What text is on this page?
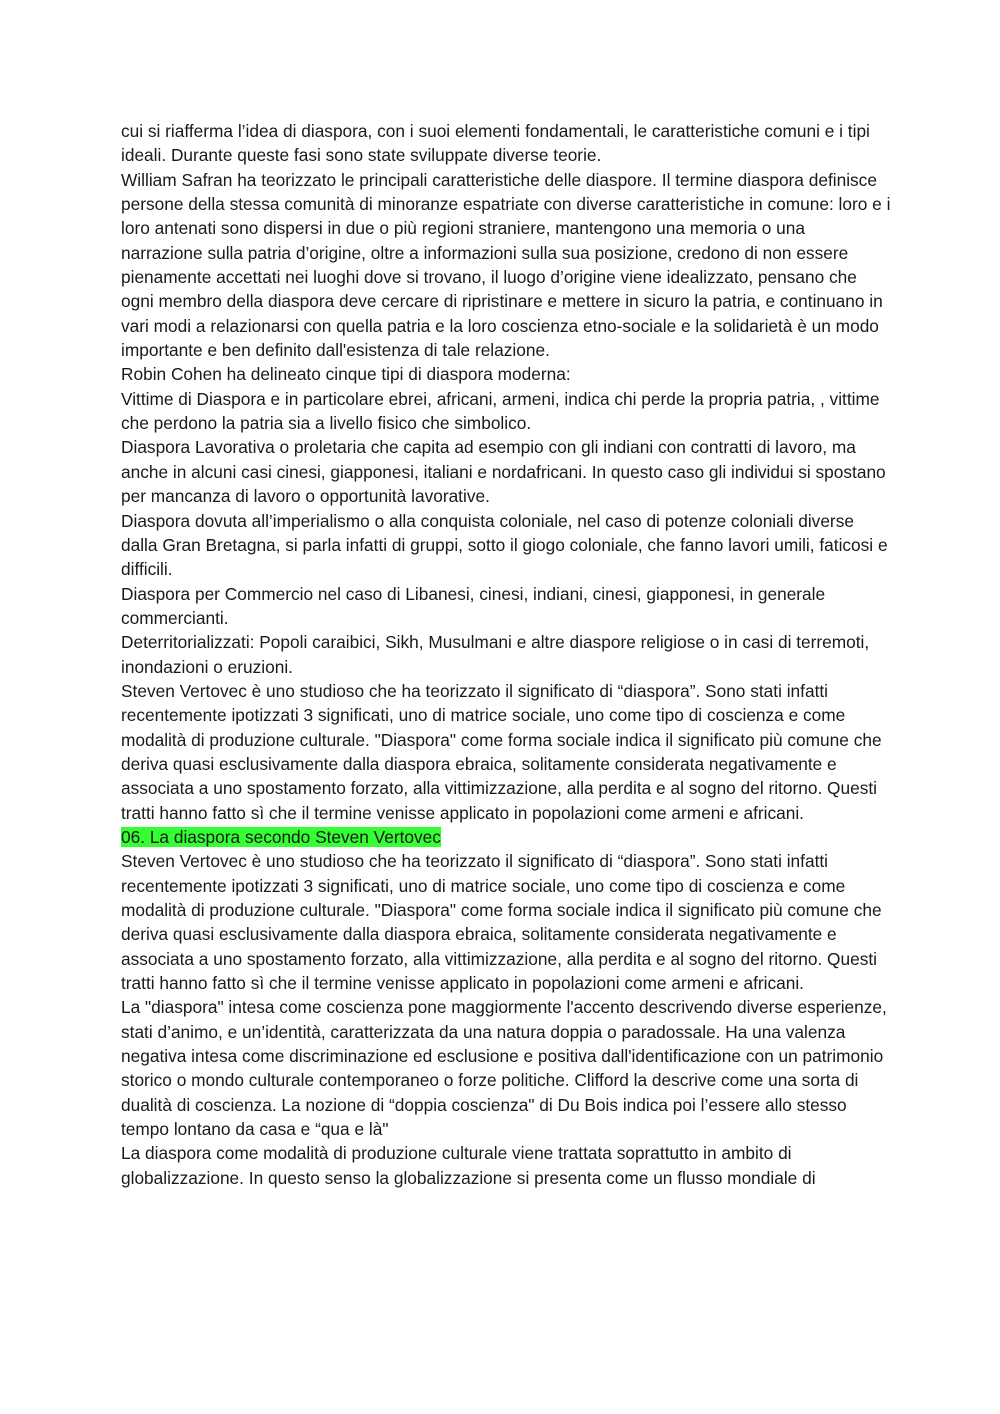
cui si riafferma l’idea di diaspora, con i suoi elementi fondamentali, le caratteristiche comuni e i tipi ideali. Durante queste fasi sono state sviluppate diverse teorie.

William Safran ha teorizzato le principali caratteristiche delle diaspore. Il termine diaspora definisce persone della stessa comunità di minoranze espatriate con diverse caratteristiche in comune: loro e i loro antenati sono dispersi in due o più regioni straniere, mantengono una memoria o una narrazione sulla patria d’origine, oltre a informazioni sulla sua posizione, credono di non essere pienamente accettati nei luoghi dove si trovano, il luogo d’origine viene idealizzato, pensano che ogni membro della diaspora deve cercare di ripristinare e mettere in sicuro la patria, e continuano in vari modi a relazionarsi con quella patria e la loro coscienza etno-sociale e la solidarietà è un modo importante e ben definito dall'esistenza di tale relazione.

Robin Cohen ha delineato cinque tipi di diaspora moderna:

Vittime di Diaspora e in particolare ebrei, africani, armeni, indica chi perde la propria patria, , vittime che perdono la patria sia a livello fisico che simbolico.

Diaspora Lavorativa o proletaria che capita ad esempio con gli indiani con contratti di lavoro, ma anche in alcuni casi cinesi, giapponesi, italiani e nordafricani. In questo caso gli individui si spostano per mancanza di lavoro o opportunità lavorative.

Diaspora dovuta all’imperialismo o alla conquista coloniale, nel caso di potenze coloniali diverse dalla Gran Bretagna, si parla infatti di gruppi, sotto il giogo coloniale, che fanno lavori umili, faticosi e difficili.

Diaspora per Commercio nel caso di Libanesi, cinesi, indiani, cinesi, giapponesi, in generale commercianti.

Deterritorializzati: Popoli caraibici, Sikh, Musulmani e altre diaspore religiose o in casi di terremoti, inondazioni o eruzioni.

Steven Vertovec è uno studioso che ha teorizzato il significato di “diaspora”. Sono stati infatti recentemente ipotizzati 3 significati, uno di matrice sociale, uno come tipo di coscienza e come modalità di produzione culturale. "Diaspora" come forma sociale indica il significato più comune che deriva quasi esclusivamente dalla diaspora ebraica, solitamente considerata negativamente e associata a uno spostamento forzato, alla vittimizzazione, alla perdita e al sogno del ritorno. Questi tratti hanno fatto sì che il termine venisse applicato in popolazioni come armeni e africani.

06. La diaspora secondo Steven Vertovec

Steven Vertovec è uno studioso che ha teorizzato il significato di “diaspora”. Sono stati infatti recentemente ipotizzati 3 significati, uno di matrice sociale, uno come tipo di coscienza e come modalità di produzione culturale. "Diaspora" come forma sociale indica il significato più comune che deriva quasi esclusivamente dalla diaspora ebraica, solitamente considerata negativamente e associata a uno spostamento forzato, alla vittimizzazione, alla perdita e al sogno del ritorno. Questi tratti hanno fatto sì che il termine venisse applicato in popolazioni come armeni e africani.

La "diaspora" intesa come coscienza pone maggiormente l'accento descrivendo diverse esperienze, stati d’animo, e un’identità, caratterizzata da una natura doppia o paradossale. Ha una valenza negativa intesa come discriminazione ed esclusione e positiva dall'identificazione con un patrimonio storico o mondo culturale contemporaneo o forze politiche. Clifford la descrive come una sorta di dualità di coscienza. La nozione di “doppia coscienza" di Du Bois indica poi l’essere allo stesso tempo lontano da casa e “qua e là"

La diaspora come modalità di produzione culturale viene trattata soprattutto in ambito di globalizzazione. In questo senso la globalizzazione si presenta come un flusso mondiale di
